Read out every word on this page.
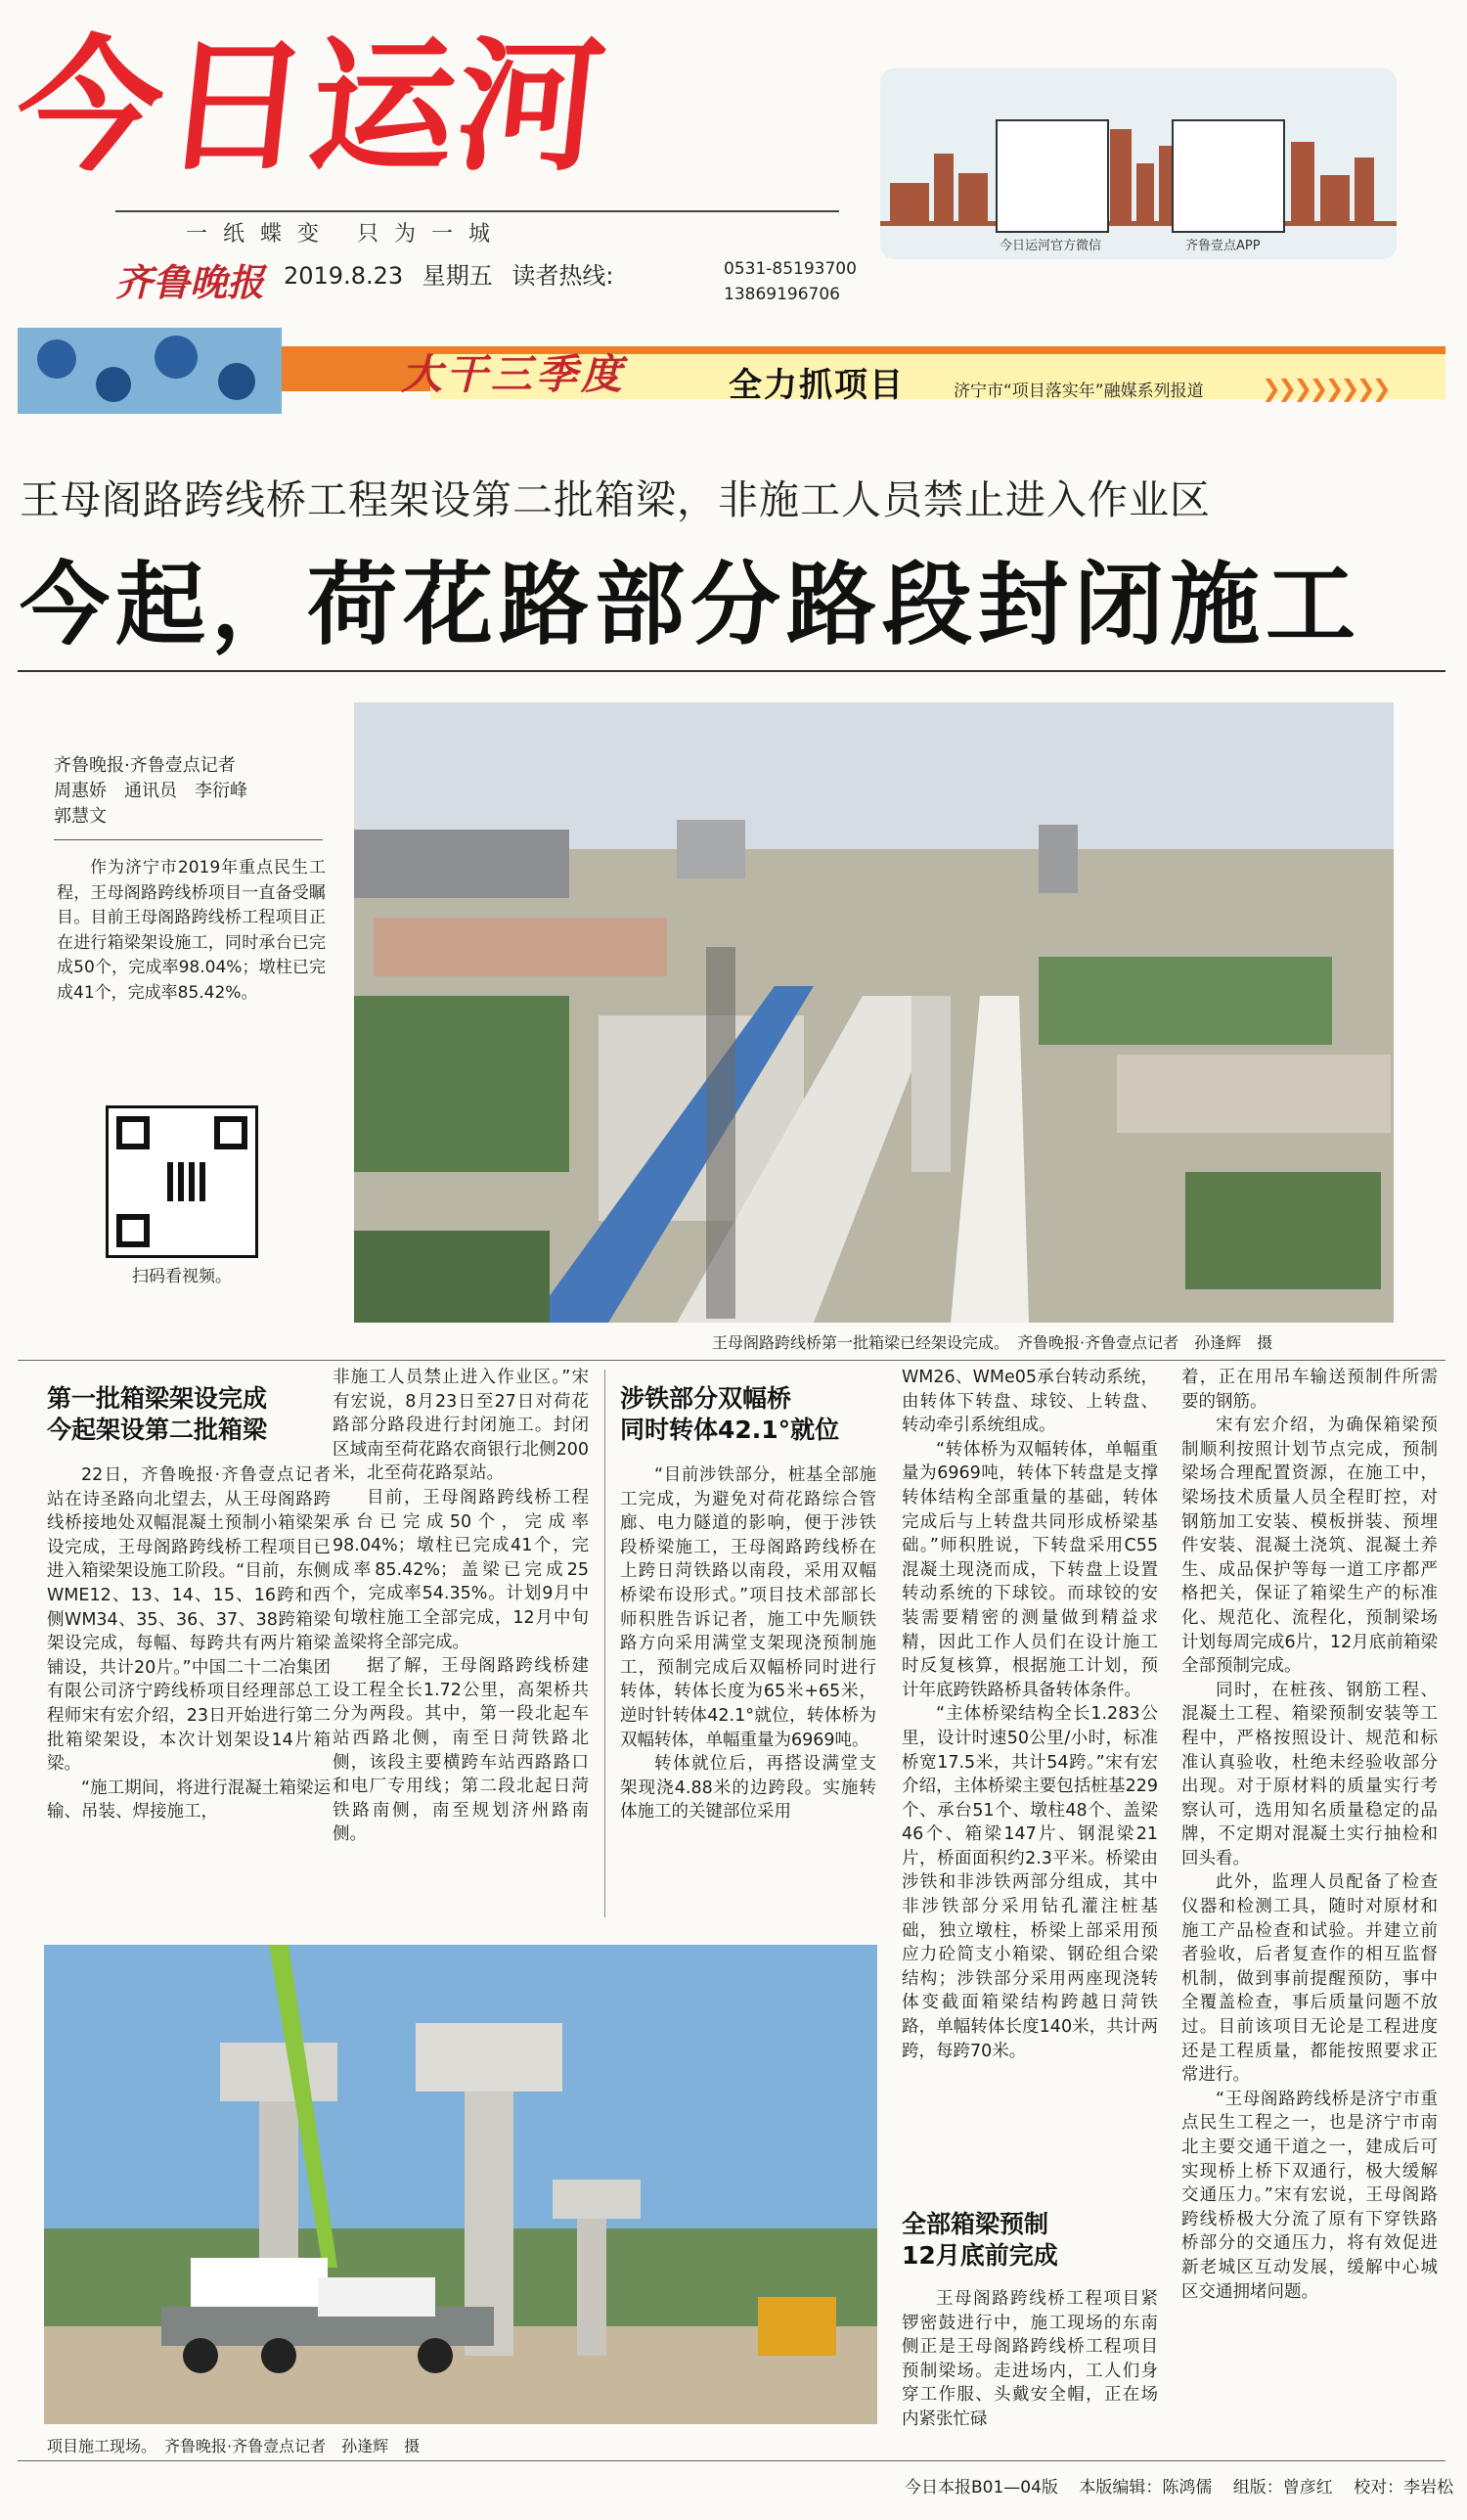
今日运河
一纸蝶变 只为一城
齐鲁晚报 2019.8.23 星期五 读者热线:	0531-85193700
13869196706
今日运河官方微信	齐鲁壹点APP
大干三季度	全力抓项目	济宁市“项目落实年”融媒系列报道 ❯❯❯❯❯❯❯❯
王母阁路跨线桥工程架设第二批箱梁，非施工人员禁止进入作业区
今起，荷花路部分路段封闭施工
齐鲁晚报·齐鲁壹点记者
周惠娇　通讯员　李衍峰
郭慧文

作为济宁市2019年重点民生工程，王母阁路跨线桥项目一直备受瞩目。目前王母阁路跨线桥工程项目正在进行箱梁架设施工，同时承台已完成50个，完成率98.04%；墩柱已完成41个，完成率85.42%。

扫码看视频。
王母阁路跨线桥第一批箱梁已经架设完成。　齐鲁晚报·齐鲁壹点记者　孙逢辉　摄
第一批箱梁架设完成
今起架设第二批箱梁

22日，齐鲁晚报·齐鲁壹点记者站在诗圣路向北望去，从王母阁路跨线桥接地处双幅混凝土预制小箱梁架设完成，王母阁路跨线桥工程项目已进入箱梁架设施工阶段。“目前，东侧WME12、13、14、15、16跨和西侧WM34、35、36、37、38跨箱梁架设完成，每幅、每跨共有两片箱梁铺设，共计20片。”中国二十二冶集团有限公司济宁跨线桥项目经理部总工程师宋有宏介绍，23日开始进行第二批箱梁架设，本次计划架设14片箱梁。

“施工期间，将进行混凝土箱梁运输、吊装、焊接施工，

非施工人员禁止进入作业区。”宋有宏说，8月23日至27日对荷花路部分路段进行封闭施工。封闭区域南至荷花路农商银行北侧200米，北至荷花路泵站。

目前，王母阁路跨线桥工程承台已完成50个，完成率98.04%；墩柱已完成41个，完成率85.42%；盖梁已完成25个，完成率54.35%。计划9月中旬墩柱施工全部完成，12月中旬盖梁将全部完成。

据了解，王母阁路跨线桥建设工程全长1.72公里，高架桥共分为两段。其中，第一段北起车站西路北侧，南至日菏铁路北侧，该段主要横跨车站西路路口和电厂专用线；第二段北起日菏铁路南侧，南至规划济州路南侧。

涉铁部分双幅桥
同时转体42.1°就位

“目前涉铁部分，桩基全部施工完成，为避免对荷花路综合管廊、电力隧道的影响，便于涉铁段桥梁施工，王母阁路跨线桥在上跨日菏铁路以南段，采用双幅桥梁布设形式。”项目技术部部长师积胜告诉记者，施工中先顺铁路方向采用满堂支架现浇预制施工，预制完成后双幅桥同时进行转体，转体长度为65米+65米，逆时针转体42.1°就位，转体桥为双幅转体，单幅重量为6969吨。

转体就位后，再搭设满堂支架现浇4.88米的边跨段。实施转体施工的关键部位采用

WM26、WMe05承台转动系统，由转体下转盘、球铰、上转盘、转动牵引系统组成。

“转体桥为双幅转体，单幅重量为6969吨，转体下转盘是支撑转体结构全部重量的基础，转体完成后与上转盘共同形成桥梁基础。”师积胜说，下转盘采用C55混凝土现浇而成，下转盘上设置转动系统的下球铰。而球铰的安装需要精密的测量做到精益求精，因此工作人员们在设计施工时反复核算，根据施工计划，预计年底跨铁路桥具备转体条件。

“主体桥梁结构全长1.283公里，设计时速50公里/小时，标准桥宽17.5米，共计54跨。”宋有宏介绍，主体桥梁主要包括桩基229个、承台51个、墩柱48个、盖梁46个、箱梁147片、钢混梁21片，桥面面积约2.3平米。桥梁由涉铁和非涉铁两部分组成，其中非涉铁部分采用钻孔灌注桩基础，独立墩柱，桥梁上部采用预应力砼简支小箱梁、钢砼组合梁结构；涉铁部分采用两座现浇转体变截面箱梁结构跨越日菏铁路，单幅转体长度140米，共计两跨，每跨70米。

全部箱梁预制
12月底前完成

王母阁路跨线桥工程项目紧锣密鼓进行中，施工现场的东南侧正是王母阁路跨线桥工程项目预制梁场。走进场内，工人们身穿工作服、头戴安全帽，正在场内紧张忙碌

着，正在用吊车输送预制件所需要的钢筋。

宋有宏介绍，为确保箱梁预制顺利按照计划节点完成，预制梁场合理配置资源，在施工中，梁场技术质量人员全程盯控，对钢筋加工安装、模板拼装、预埋件安装、混凝土浇筑、混凝土养生、成品保护等每一道工序都严格把关，保证了箱梁生产的标准化、规范化、流程化，预制梁场计划每周完成6片，12月底前箱梁全部预制完成。

同时，在桩孩、钢筋工程、混凝土工程、箱梁预制安装等工程中，严格按照设计、规范和标准认真验收，杜绝未经验收部分出现。对于原材料的质量实行考察认可，选用知名质量稳定的品牌，不定期对混凝土实行抽检和回头看。

此外，监理人员配备了检查仪器和检测工具，随时对原材和施工产品检查和试验。并建立前者验收，后者复查作的相互监督机制，做到事前提醒预防，事中全覆盖检查，事后质量问题不放过。目前该项目无论是工程进度还是工程质量，都能按照要求正常进行。

“王母阁路跨线桥是济宁市重点民生工程之一，也是济宁市南北主要交通干道之一，建成后可实现桥上桥下双通行，极大缓解交通压力。”宋有宏说，王母阁路跨线桥极大分流了原有下穿铁路桥部分的交通压力，将有效促进新老城区互动发展，缓解中心城区交通拥堵问题。

项目施工现场。　齐鲁晚报·齐鲁壹点记者　孙逢辉　摄
今日本报B01—04版 本版编辑：陈鸿儒 组版：曾彦红 校对：李岩松
